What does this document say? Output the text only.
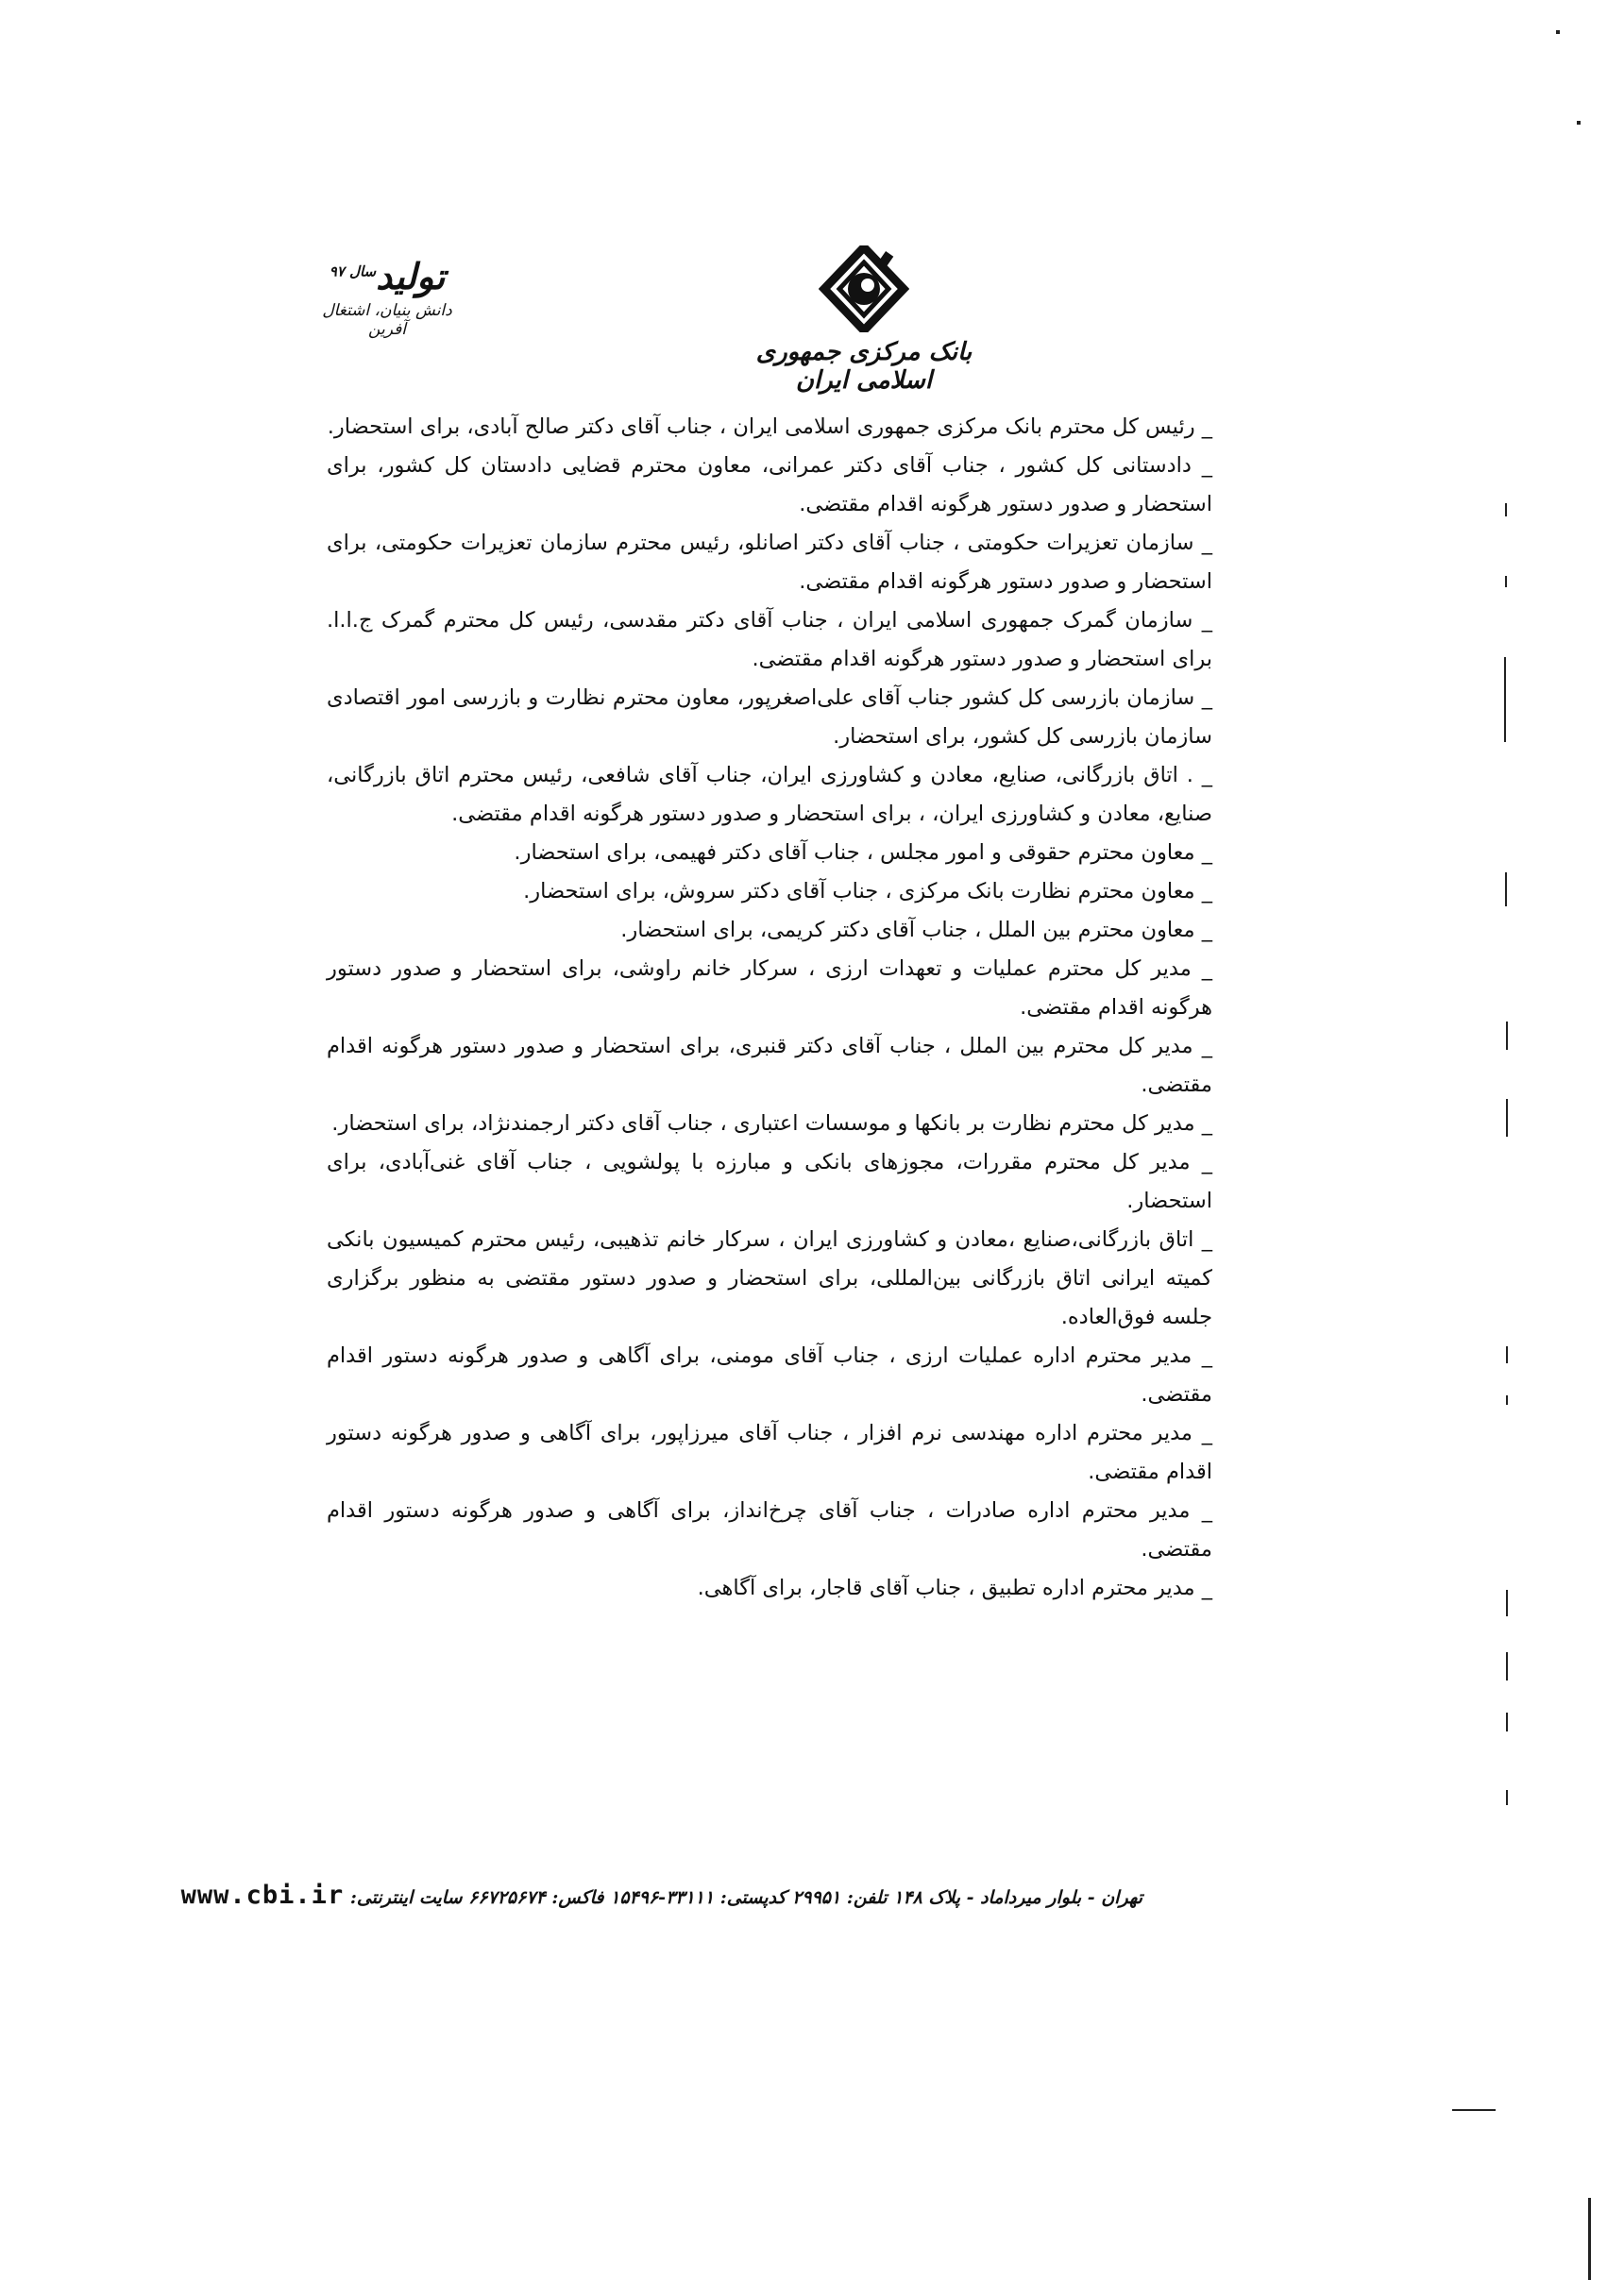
تولید$^{سال ۹۷}$
دانش بنیان، اشتغال آفرین
بانک مرکزی جمهوری اسلامی ایران

_ رئیس کل محترم بانک مرکزی جمهوری اسلامی ایران ، جناب آقای دکتر صالح آبادی، برای استحضار.

_ دادستانی کل کشور ، جناب آقای دکتر عمرانی، معاون محترم قضایی دادستان کل کشور، برای استحضار و صدور دستور هرگونه اقدام مقتضی.

_ سازمان تعزیرات حکومتی ، جناب آقای دکتر اصانلو، رئیس محترم سازمان تعزیرات حکومتی، برای استحضار و صدور دستور هرگونه اقدام مقتضی.

_ سازمان گمرک جمهوری اسلامی ایران ، جناب آقای دکتر مقدسی، رئیس کل محترم گمرک ج.ا.ا. برای استحضار و صدور دستور هرگونه اقدام مقتضی.

_ سازمان بازرسی کل کشور جناب آقای علی‌اصغرپور، معاون محترم نظارت و بازرسی امور اقتصادی سازمان بازرسی کل کشور، برای استحضار.

_ . اتاق بازرگانی، صنایع، معادن و کشاورزی ایران، جناب آقای شافعی، رئیس محترم اتاق بازرگانی، صنایع، معادن و کشاورزی ایران، ، برای استحضار و صدور دستور هرگونه اقدام مقتضی.

_ معاون محترم حقوقی و امور مجلس ، جناب آقای دکتر فهیمی، برای استحضار.

_ معاون محترم نظارت بانک مرکزی ، جناب آقای دکتر سروش، برای استحضار.

_ معاون محترم بین الملل ، جناب آقای دکتر کریمی، برای استحضار.

_ مدیر کل محترم عملیات و تعهدات ارزی ، سرکار خانم راوشی، برای استحضار و صدور دستور هرگونه اقدام مقتضی.

_ مدیر کل محترم بین الملل ، جناب آقای دکتر قنبری، برای استحضار و صدور دستور هرگونه اقدام مقتضی.

_ مدیر کل محترم نظارت بر بانکها و موسسات اعتباری ، جناب آقای دکتر ارجمندنژاد، برای استحضار.

_ مدیر کل محترم مقررات، مجوزهای بانکی و مبارزه با پولشویی ، جناب آقای غنی‌آبادی، برای استحضار.

_ اتاق بازرگانی،صنایع ،معادن و کشاورزی ایران ، سرکار خانم تذهیبی، رئیس محترم کمیسیون بانکی کمیته ایرانی اتاق بازرگانی بین‌المللی، برای استحضار و صدور دستور مقتضی به منظور برگزاری جلسه فوق‌العاده.

_ مدیر محترم اداره عملیات ارزی ، جناب آقای مومنی، برای آگاهی و صدور هرگونه دستور اقدام مقتضی.

_ مدیر محترم اداره مهندسی نرم افزار ، جناب آقای میرزاپور، برای آگاهی و صدور هرگونه دستور اقدام مقتضی.

_ مدیر محترم اداره صادرات ، جناب آقای چرخ‌انداز، برای آگاهی و صدور هرگونه دستور اقدام مقتضی.

_ مدیر محترم اداره تطبیق ، جناب آقای قاجار، برای آگاهی.

تهران - بلوار میرداماد - پلاک ۱۴۸ تلفن: ۲۹۹۵۱ کدپستی: ۳۳۱۱۱-۱۵۴۹۶ فاکس: ۶۶۷۲۵۶۷۴ سایت اینترنتی: www.cbi.ir
